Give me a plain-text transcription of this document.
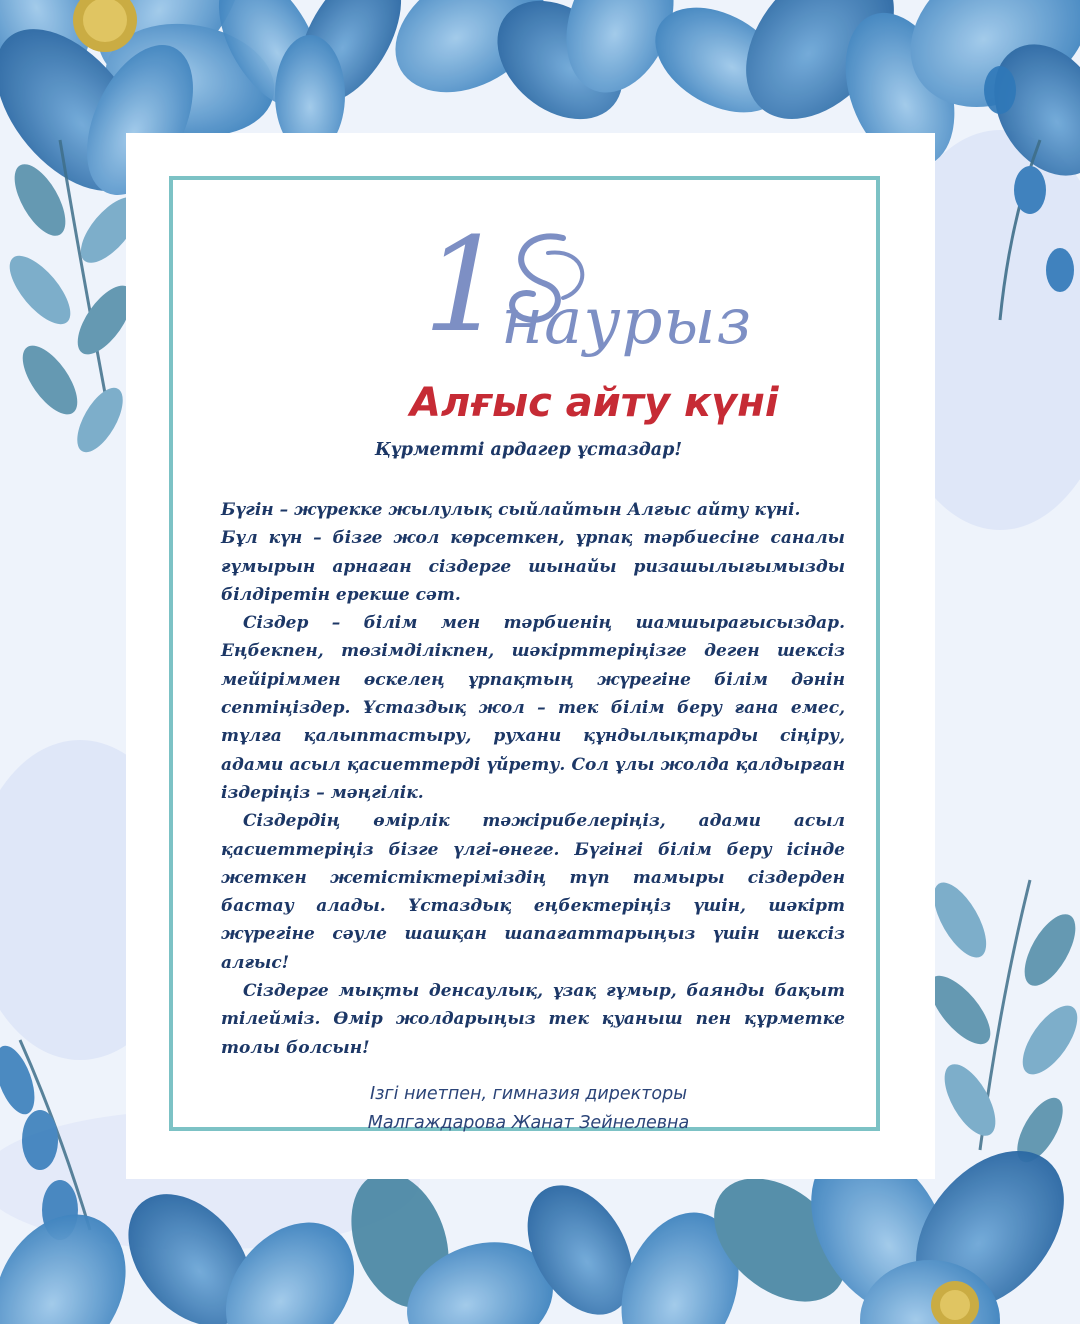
1
наурыз
Алғыс айту күні
Құрметті ардагер ұстаздар!

Бүгін – жүрекке жылулық сыйлайтын Алғыс айту күні.

Бұл күн – бізге жол көрсеткен, ұрпақ тәрбиесіне саналы ғұмырын арнаған сіздерге шынайы ризашылығымызды білдіретін ерекше сәт.

Сіздер – білім мен тәрбиенің шамшырағысыздар. Еңбекпен, төзімділікпен, шәкірттеріңізге деген шексіз мейіріммен өскелең ұрпақтың жүрегіне білім дәнін септіңіздер. Ұстаздық жол – тек білім беру ғана емес, тұлға қалыптастыру, рухани құндылықтарды сіңіру, адами асыл қасиеттерді үйрету. Сол ұлы жолда қалдырған іздеріңіз – мәңгілік.

Сіздердің өмірлік тәжірибелеріңіз, адами асыл қасиеттеріңіз бізге үлгі-өнеге. Бүгінгі білім беру ісінде жеткен жетістіктеріміздің түп тамыры сіздерден бастау алады. Ұстаздық еңбектеріңіз үшін, шәкірт жүрегіне сәуле шашқан шапағаттарыңыз үшін шексіз алғыс!

Сіздерге мықты денсаулық, ұзақ ғұмыр, баянды бақыт тілейміз. Өмір жолдарыңыз тек қуаныш пен құрметке толы болсын!

Ізгі ниетпен, гимназия директоры
Малгаждарова Жанат Зейнелевна
